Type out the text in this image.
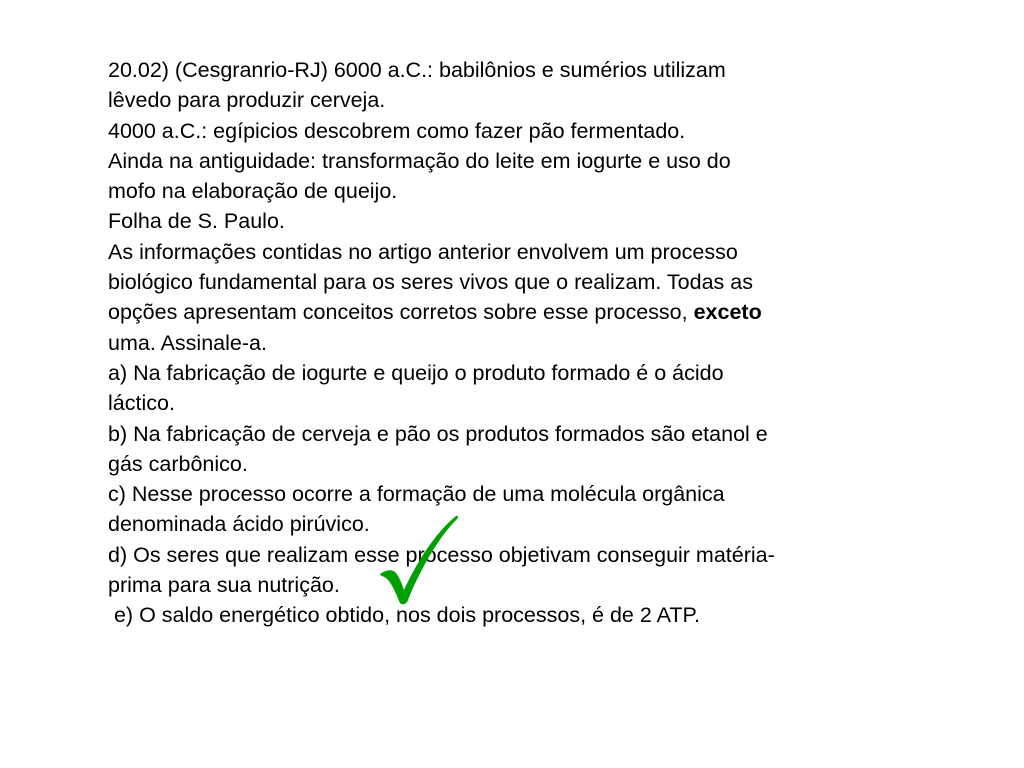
20.02) (Cesgranrio-RJ) 6000 a.C.: babilônios e sumérios utilizam
lêvedo para produzir cerveja.
4000 a.C.: egípicios descobrem como fazer pão fermentado.
Ainda na antiguidade: transformação do leite em iogurte e uso do
mofo na elaboração de queijo.
Folha de S. Paulo.
As informações contidas no artigo anterior envolvem um processo
biológico fundamental para os seres vivos que o realizam. Todas as
opções apresentam conceitos corretos sobre esse processo, exceto
uma. Assinale-a.
a) Na fabricação de iogurte e queijo o produto formado é o ácido
láctico.
b) Na fabricação de cerveja e pão os produtos formados são etanol e
gás carbônico.
c) Nesse processo ocorre a formação de uma molécula orgânica
denominada ácido pirúvico.
d) Os seres que realizam esse processo objetivam conseguir matéria-
prima para sua nutrição.
e) O saldo energético obtido, nos dois processos, é de 2 ATP.
